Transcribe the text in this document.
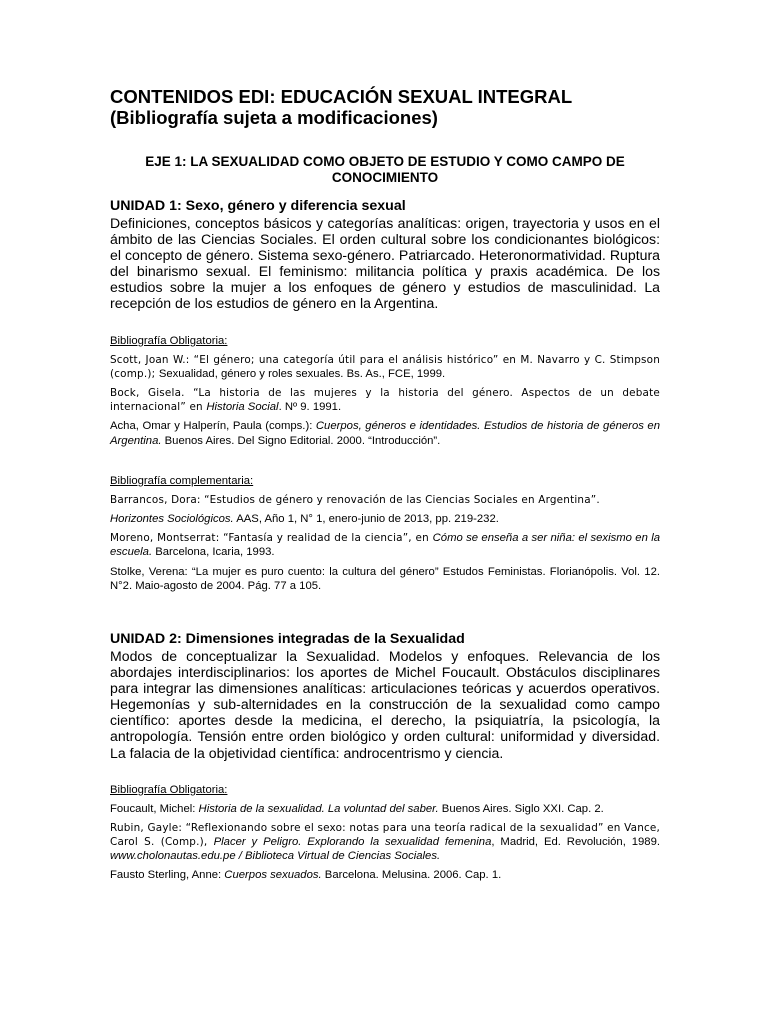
CONTENIDOS EDI: EDUCACIÓN SEXUAL INTEGRAL
(Bibliografía sujeta a modificaciones)
EJE 1: LA SEXUALIDAD COMO OBJETO DE ESTUDIO Y COMO CAMPO DE CONOCIMIENTO
UNIDAD 1: Sexo, género y diferencia sexual

Definiciones, conceptos básicos y categorías analíticas: origen, trayectoria y usos en el ámbito de las Ciencias Sociales. El orden cultural sobre los condicionantes biológicos: el concepto de género. Sistema sexo-género. Patriarcado. Heteronormatividad. Ruptura del binarismo sexual. El feminismo: militancia política y praxis académica. De los estudios sobre la mujer a los enfoques de género y estudios de masculinidad. La recepción de los estudios de género en la Argentina.

Bibliografía Obligatoria:

Scott, Joan W.: “El género; una categoría útil para el análisis histórico” en M. Navarro y C. Stimpson (comp.); Sexualidad, género y roles sexuales. Bs. As., FCE, 1999.

Bock, Gisela. “La historia de las mujeres y la historia del género. Aspectos de un debate internacional” en Historia Social. Nº 9. 1991.

Acha, Omar y Halperín, Paula (comps.): Cuerpos, géneros e identidades. Estudios de historia de géneros en Argentina. Buenos Aires. Del Signo Editorial. 2000. “Introducción”.

Bibliografía complementaria:

Barrancos, Dora: “Estudios de género y renovación de las Ciencias Sociales en Argentina”.

Horizontes Sociológicos. AAS, Año 1, N° 1, enero-junio de 2013, pp. 219-232.

Moreno, Montserrat: “Fantasía y realidad de la ciencia”, en Cómo se enseña a ser niña: el sexismo en la escuela. Barcelona, Icaria, 1993.

Stolke, Verena: “La mujer es puro cuento: la cultura del género” Estudos Feministas. Florianópolis. Vol. 12. N°2. Maio-agosto de 2004. Pág. 77 a 105.

UNIDAD 2: Dimensiones integradas de la Sexualidad

Modos de conceptualizar la Sexualidad. Modelos y enfoques. Relevancia de los abordajes interdisciplinarios: los aportes de Michel Foucault. Obstáculos disciplinares para integrar las dimensiones analíticas: articulaciones teóricas y acuerdos operativos. Hegemonías y sub-alternidades en la construcción de la sexualidad como campo científico: aportes desde la medicina, el derecho, la psiquiatría, la psicología, la antropología. Tensión entre orden biológico y orden cultural: uniformidad y diversidad. La falacia de la objetividad científica: androcentrismo y ciencia.

Bibliografía Obligatoria:

Foucault, Michel: Historia de la sexualidad. La voluntad del saber. Buenos Aires. Siglo XXI. Cap. 2.

Rubin, Gayle: “Reflexionando sobre el sexo: notas para una teoría radical de la sexualidad” en Vance, Carol S. (Comp.), Placer y Peligro. Explorando la sexualidad femenina, Madrid, Ed. Revolución, 1989. www.cholonautas.edu.pe / Biblioteca Virtual de Ciencias Sociales.

Fausto Sterling, Anne: Cuerpos sexuados. Barcelona. Melusina. 2006. Cap. 1.
